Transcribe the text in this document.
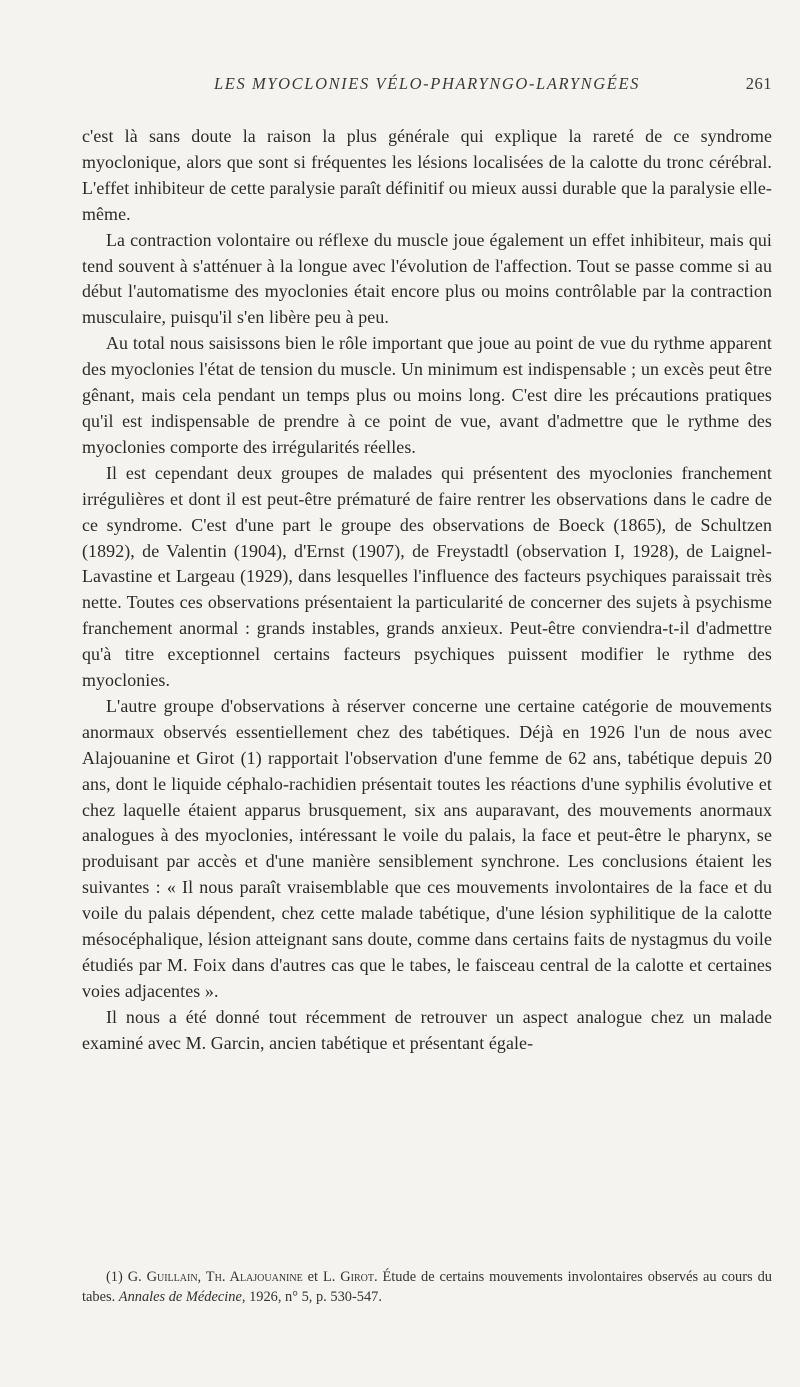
LES MYOCLONIES VÉLO-PHARYNGO-LARYNGÉES	261

c'est là sans doute la raison la plus générale qui explique la rareté de ce syndrome myoclonique, alors que sont si fréquentes les lésions localisées de la calotte du tronc cérébral. L'effet inhibiteur de cette paralysie paraît définitif ou mieux aussi durable que la paralysie elle-même.

La contraction volontaire ou réflexe du muscle joue également un effet inhibiteur, mais qui tend souvent à s'atténuer à la longue avec l'évolution de l'affection. Tout se passe comme si au début l'automatisme des myoclonies était encore plus ou moins contrôlable par la contraction musculaire, puisqu'il s'en libère peu à peu.

Au total nous saisissons bien le rôle important que joue au point de vue du rythme apparent des myoclonies l'état de tension du muscle. Un minimum est indispensable ; un excès peut être gênant, mais cela pendant un temps plus ou moins long. C'est dire les précautions pratiques qu'il est indispensable de prendre à ce point de vue, avant d'admettre que le rythme des myoclonies comporte des irrégularités réelles.

Il est cependant deux groupes de malades qui présentent des myoclonies franchement irrégulières et dont il est peut-être prématuré de faire rentrer les observations dans le cadre de ce syndrome. C'est d'une part le groupe des observations de Boeck (1865), de Schultzen (1892), de Valentin (1904), d'Ernst (1907), de Freystadtl (observation I, 1928), de Laignel-Lavastine et Largeau (1929), dans lesquelles l'influence des facteurs psychiques paraissait très nette. Toutes ces observations présentaient la particularité de concerner des sujets à psychisme franchement anormal : grands instables, grands anxieux. Peut-être conviendra-t-il d'admettre qu'à titre exceptionnel certains facteurs psychiques puissent modifier le rythme des myoclonies.

L'autre groupe d'observations à réserver concerne une certaine catégorie de mouvements anormaux observés essentiellement chez des tabétiques. Déjà en 1926 l'un de nous avec Alajouanine et Girot (1) rapportait l'observation d'une femme de 62 ans, tabétique depuis 20 ans, dont le liquide céphalo-rachidien présentait toutes les réactions d'une syphilis évolutive et chez laquelle étaient apparus brusquement, six ans auparavant, des mouvements anormaux analogues à des myoclonies, intéressant le voile du palais, la face et peut-être le pharynx, se produisant par accès et d'une manière sensiblement synchrone. Les conclusions étaient les suivantes : « Il nous paraît vraisemblable que ces mouvements involontaires de la face et du voile du palais dépendent, chez cette malade tabétique, d'une lésion syphilitique de la calotte mésocéphalique, lésion atteignant sans doute, comme dans certains faits de nystagmus du voile étudiés par M. Foix dans d'autres cas que le tabes, le faisceau central de la calotte et certaines voies adjacentes ».

Il nous a été donné tout récemment de retrouver un aspect analogue chez un malade examiné avec M. Garcin, ancien tabétique et présentant égale-

(1) G. Guillain, Th. Alajouanine et L. Girot. Étude de certains mouvements involontaires observés au cours du tabes. Annales de Médecine, 1926, n° 5, p. 530-547.
